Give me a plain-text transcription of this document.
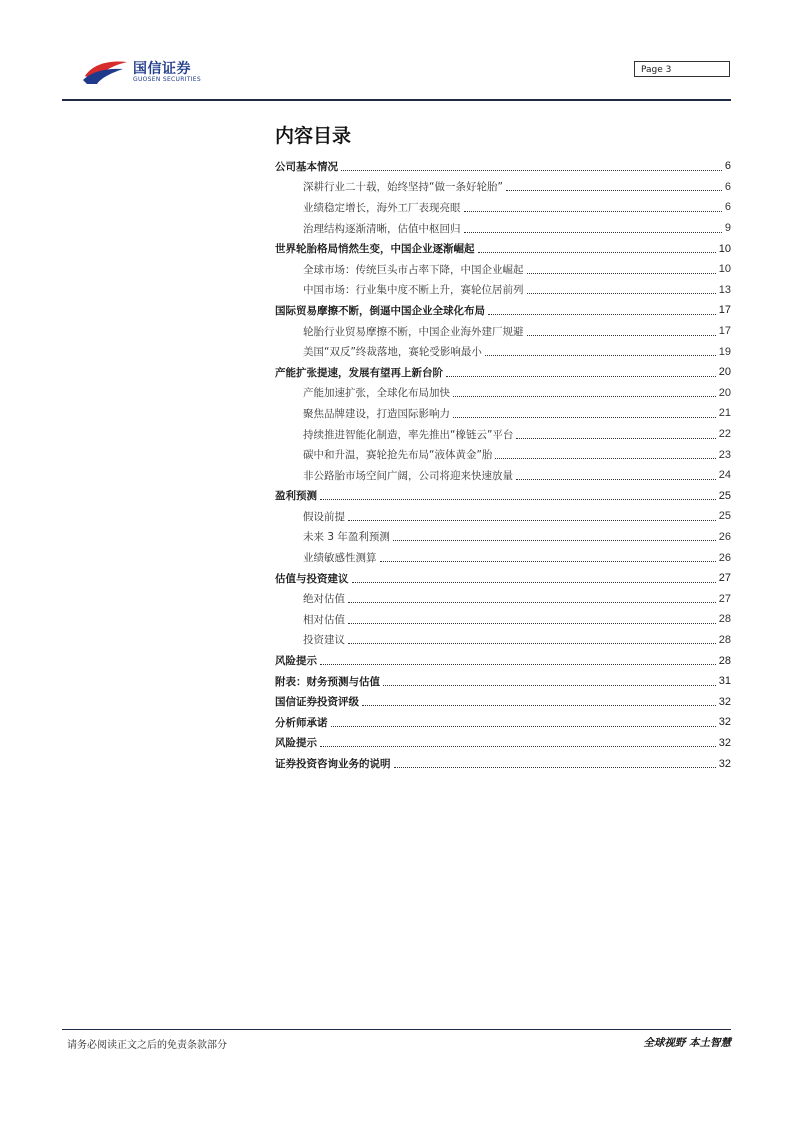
国信证券
GUOSEN SECURITIES
Page 3
内容目录
公司基本情况	6
深耕行业二十载，始终坚持“做一条好轮胎”	6
业绩稳定增长，海外工厂表现亮眼	6
治理结构逐渐清晰，估值中枢回归	9
世界轮胎格局悄然生变，中国企业逐渐崛起	10
全球市场：传统巨头市占率下降，中国企业崛起	10
中国市场：行业集中度不断上升，赛轮位居前列	13
国际贸易摩擦不断，倒逼中国企业全球化布局	17
轮胎行业贸易摩擦不断，中国企业海外建厂规避	17
美国“双反”终裁落地，赛轮受影响最小	19
产能扩张提速，发展有望再上新台阶	20
产能加速扩张，全球化布局加快	20
聚焦品牌建设，打造国际影响力	21
持续推进智能化制造，率先推出“橡链云”平台	22
碳中和升温，赛轮抢先布局“液体黄金”胎	23
非公路胎市场空间广阔，公司将迎来快速放量	24
盈利预测	25
假设前提	25
未来 3 年盈利预测	26
业绩敏感性测算	26
估值与投资建议	27
绝对估值	27
相对估值	28
投资建议	28
风险提示	28
附表：财务预测与估值	31
国信证券投资评级	32
分析师承诺	32
风险提示	32
证券投资咨询业务的说明	32
请务必阅读正文之后的免责条款部分	全球视野 本土智慧
